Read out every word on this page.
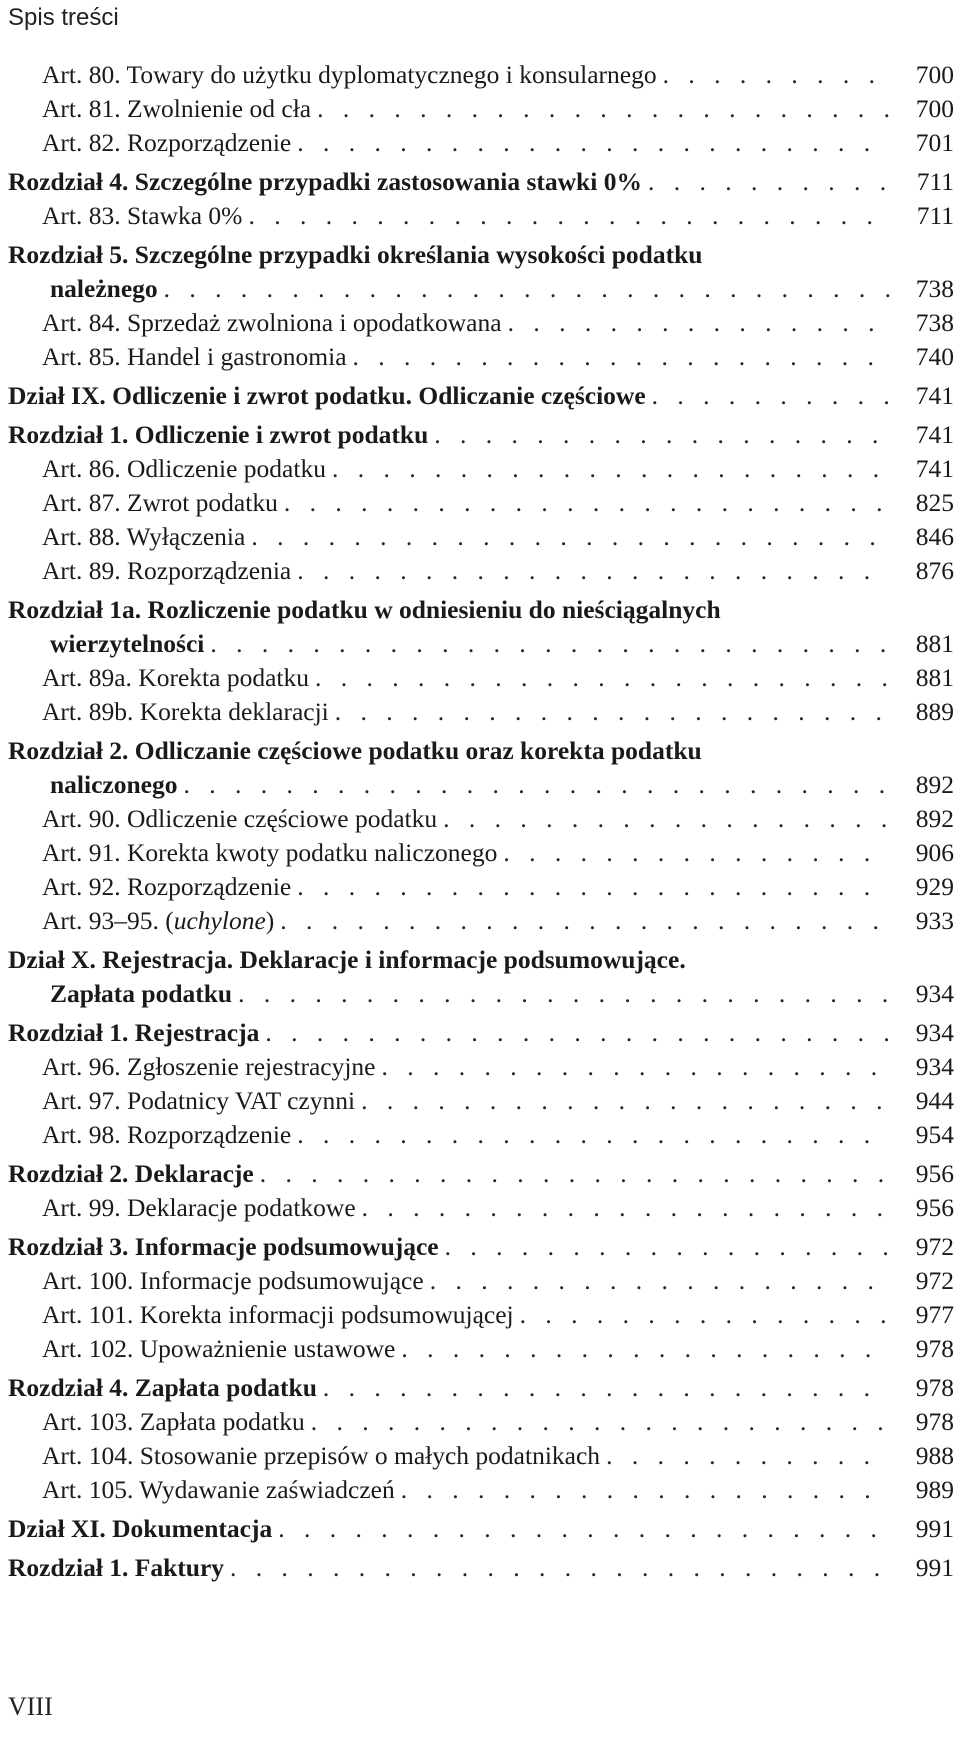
Spis treści
Art. 80. Towary do użytku dyplomatycznego i konsularnego . . .	700
Art. 81. Zwolnienie od cła . . .	700
Art. 82. Rozporządzenie . . .	701
Rozdział 4. Szczególne przypadki zastosowania stawki 0% . . .	711
Art. 83. Stawka 0% . . .	711
Rozdział 5. Szczególne przypadki określania wysokości podatku
należnego . . .	738
Art. 84. Sprzedaż zwolniona i opodatkowana . . .	738
Art. 85. Handel i gastronomia . . .	740
Dział IX. Odliczenie i zwrot podatku. Odliczanie częściowe . . .	741
Rozdział 1. Odliczenie i zwrot podatku . . .	741
Art. 86. Odliczenie podatku . . .	741
Art. 87. Zwrot podatku . . .	825
Art. 88. Wyłączenia . . .	846
Art. 89. Rozporządzenia . . .	876
Rozdział 1a. Rozliczenie podatku w odniesieniu do nieściągalnych
wierzytelności . . .	881
Art. 89a. Korekta podatku . . .	881
Art. 89b. Korekta deklaracji . . .	889
Rozdział 2. Odliczanie częściowe podatku oraz korekta podatku
naliczonego . . .	892
Art. 90. Odliczenie częściowe podatku . . .	892
Art. 91. Korekta kwoty podatku naliczonego . . .	906
Art. 92. Rozporządzenie . . .	929
Art. 93–95. (uchylone) . . .	933
Dział X. Rejestracja. Deklaracje i informacje podsumowujące.
Zapłata podatku . . .	934
Rozdział 1. Rejestracja . . .	934
Art. 96. Zgłoszenie rejestracyjne . . .	934
Art. 97. Podatnicy VAT czynni . . .	944
Art. 98. Rozporządzenie . . .	954
Rozdział 2. Deklaracje . . .	956
Art. 99. Deklaracje podatkowe . . .	956
Rozdział 3. Informacje podsumowujące . . .	972
Art. 100. Informacje podsumowujące . . .	972
Art. 101. Korekta informacji podsumowującej . . .	977
Art. 102. Upoważnienie ustawowe . . .	978
Rozdział 4. Zapłata podatku . . .	978
Art. 103. Zapłata podatku . . .	978
Art. 104. Stosowanie przepisów o małych podatnikach . . .	988
Art. 105. Wydawanie zaświadczeń . . .	989
Dział XI. Dokumentacja . . .	991
Rozdział 1. Faktury . . .	991
VIII
